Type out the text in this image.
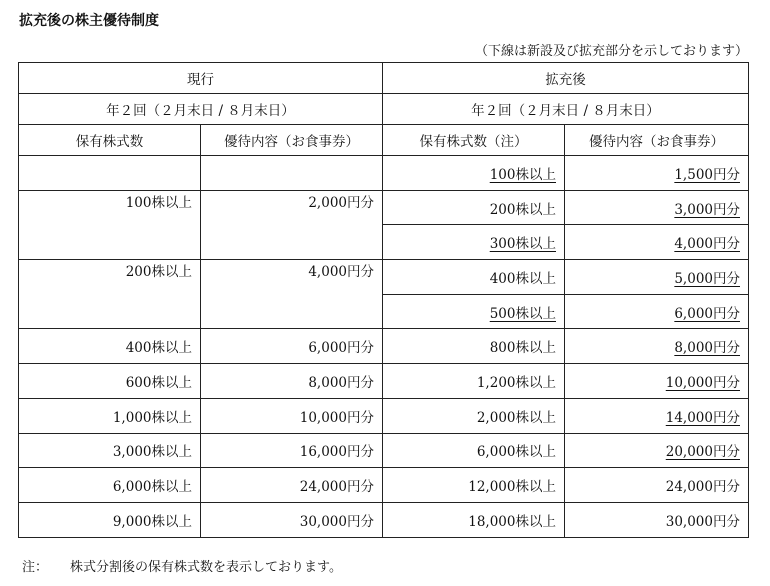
拡充後の株主優待制度
（下線は新設及び拡充部分を示しております）
現行		拡充後	
年２回（２月末日 / ８月末日）		年２回（２月末日 / ８月末日）	
保有株式数	優待内容（お食事券）	保有株式数（注）	優待内容（お食事券）
		100株以上	1,500円分
100株以上	2,000円分	200株以上	3,000円分
		300株以上	4,000円分
200株以上	4,000円分	400株以上	5,000円分
		500株以上	6,000円分
400株以上	6,000円分	800株以上	8,000円分
600株以上	8,000円分	1,200株以上	10,000円分
1,000株以上	10,000円分	2,000株以上	14,000円分
3,000株以上	16,000円分	6,000株以上	20,000円分
6,000株以上	24,000円分	12,000株以上	24,000円分
9,000株以上	30,000円分	18,000株以上	30,000円分
注： 株式分割後の保有株式数を表示しております。
